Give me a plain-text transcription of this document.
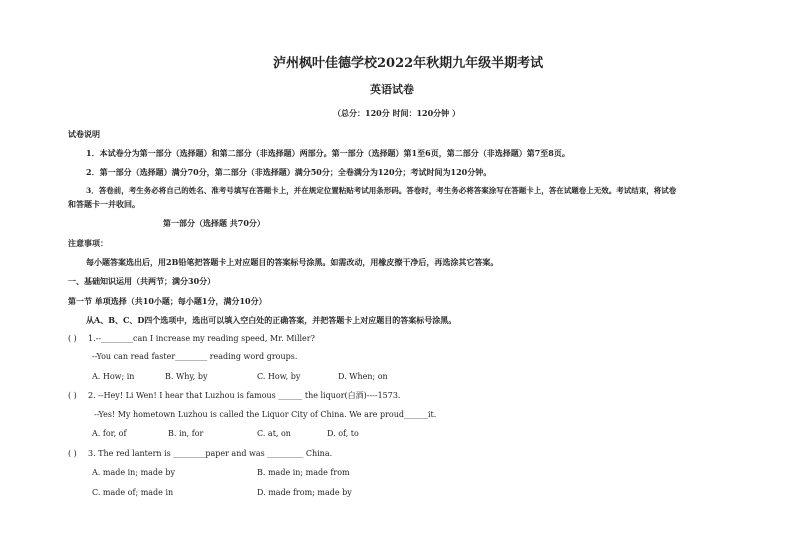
泸州枫叶佳德学校2022年秋期九年级半期考试
英语试卷
（总分：120分 时间：120分钟 ）
试卷说明
1．本试卷分为第一部分（选择题）和第二部分（非选择题）两部分。第一部分（选择题）第1至6页，第二部分（非选择题）第7至8页。
2．第一部分（选择题）满分70分，第二部分（非选择题）满分50分；全卷满分为120分；考试时间为120分钟。
3．答卷前，考生务必将自己的姓名、准考号填写在答题卡上，并在规定位置粘贴考试用条形码。答卷时，考生务必将答案涂写在答题卡上，答在试题卷上无效。考试结束，将试卷
和答题卡一并收回。
第一部分（选择题 共70分）
注意事项：
每小题答案选出后，用2B铅笔把答题卡上对应题目的答案标号涂黑。如需改动，用橡皮擦干净后，再选涂其它答案。
一、基础知识运用（共两节；满分30分）
第一节 单项选择（共10小题；每小题1分，满分10分）
从A、B、C、D四个选项中，选出可以填入空白处的正确答案，并把答题卡上对应题目的答案标号涂黑。
( ) 1.--________can I increase my reading speed, Mr. Miller?
--You can read faster________ reading word groups.
A. How; in	B. Why, by	C. How, by	D. When; on
( ) 2. --Hey! Li Wen! I hear that Luzhou is famous ______ the liquor(白酒)----1573.
--Yes! My hometown Luzhou is called the Liquor City of China. We are proud______it.
A. for, of	B. in, for	C. at, on	D. of, to
( ) 3. The red lantern is ________paper and was _________ China.
A. made in; made by	B. made in; made from
C. made of; made in	D. made from; made by
